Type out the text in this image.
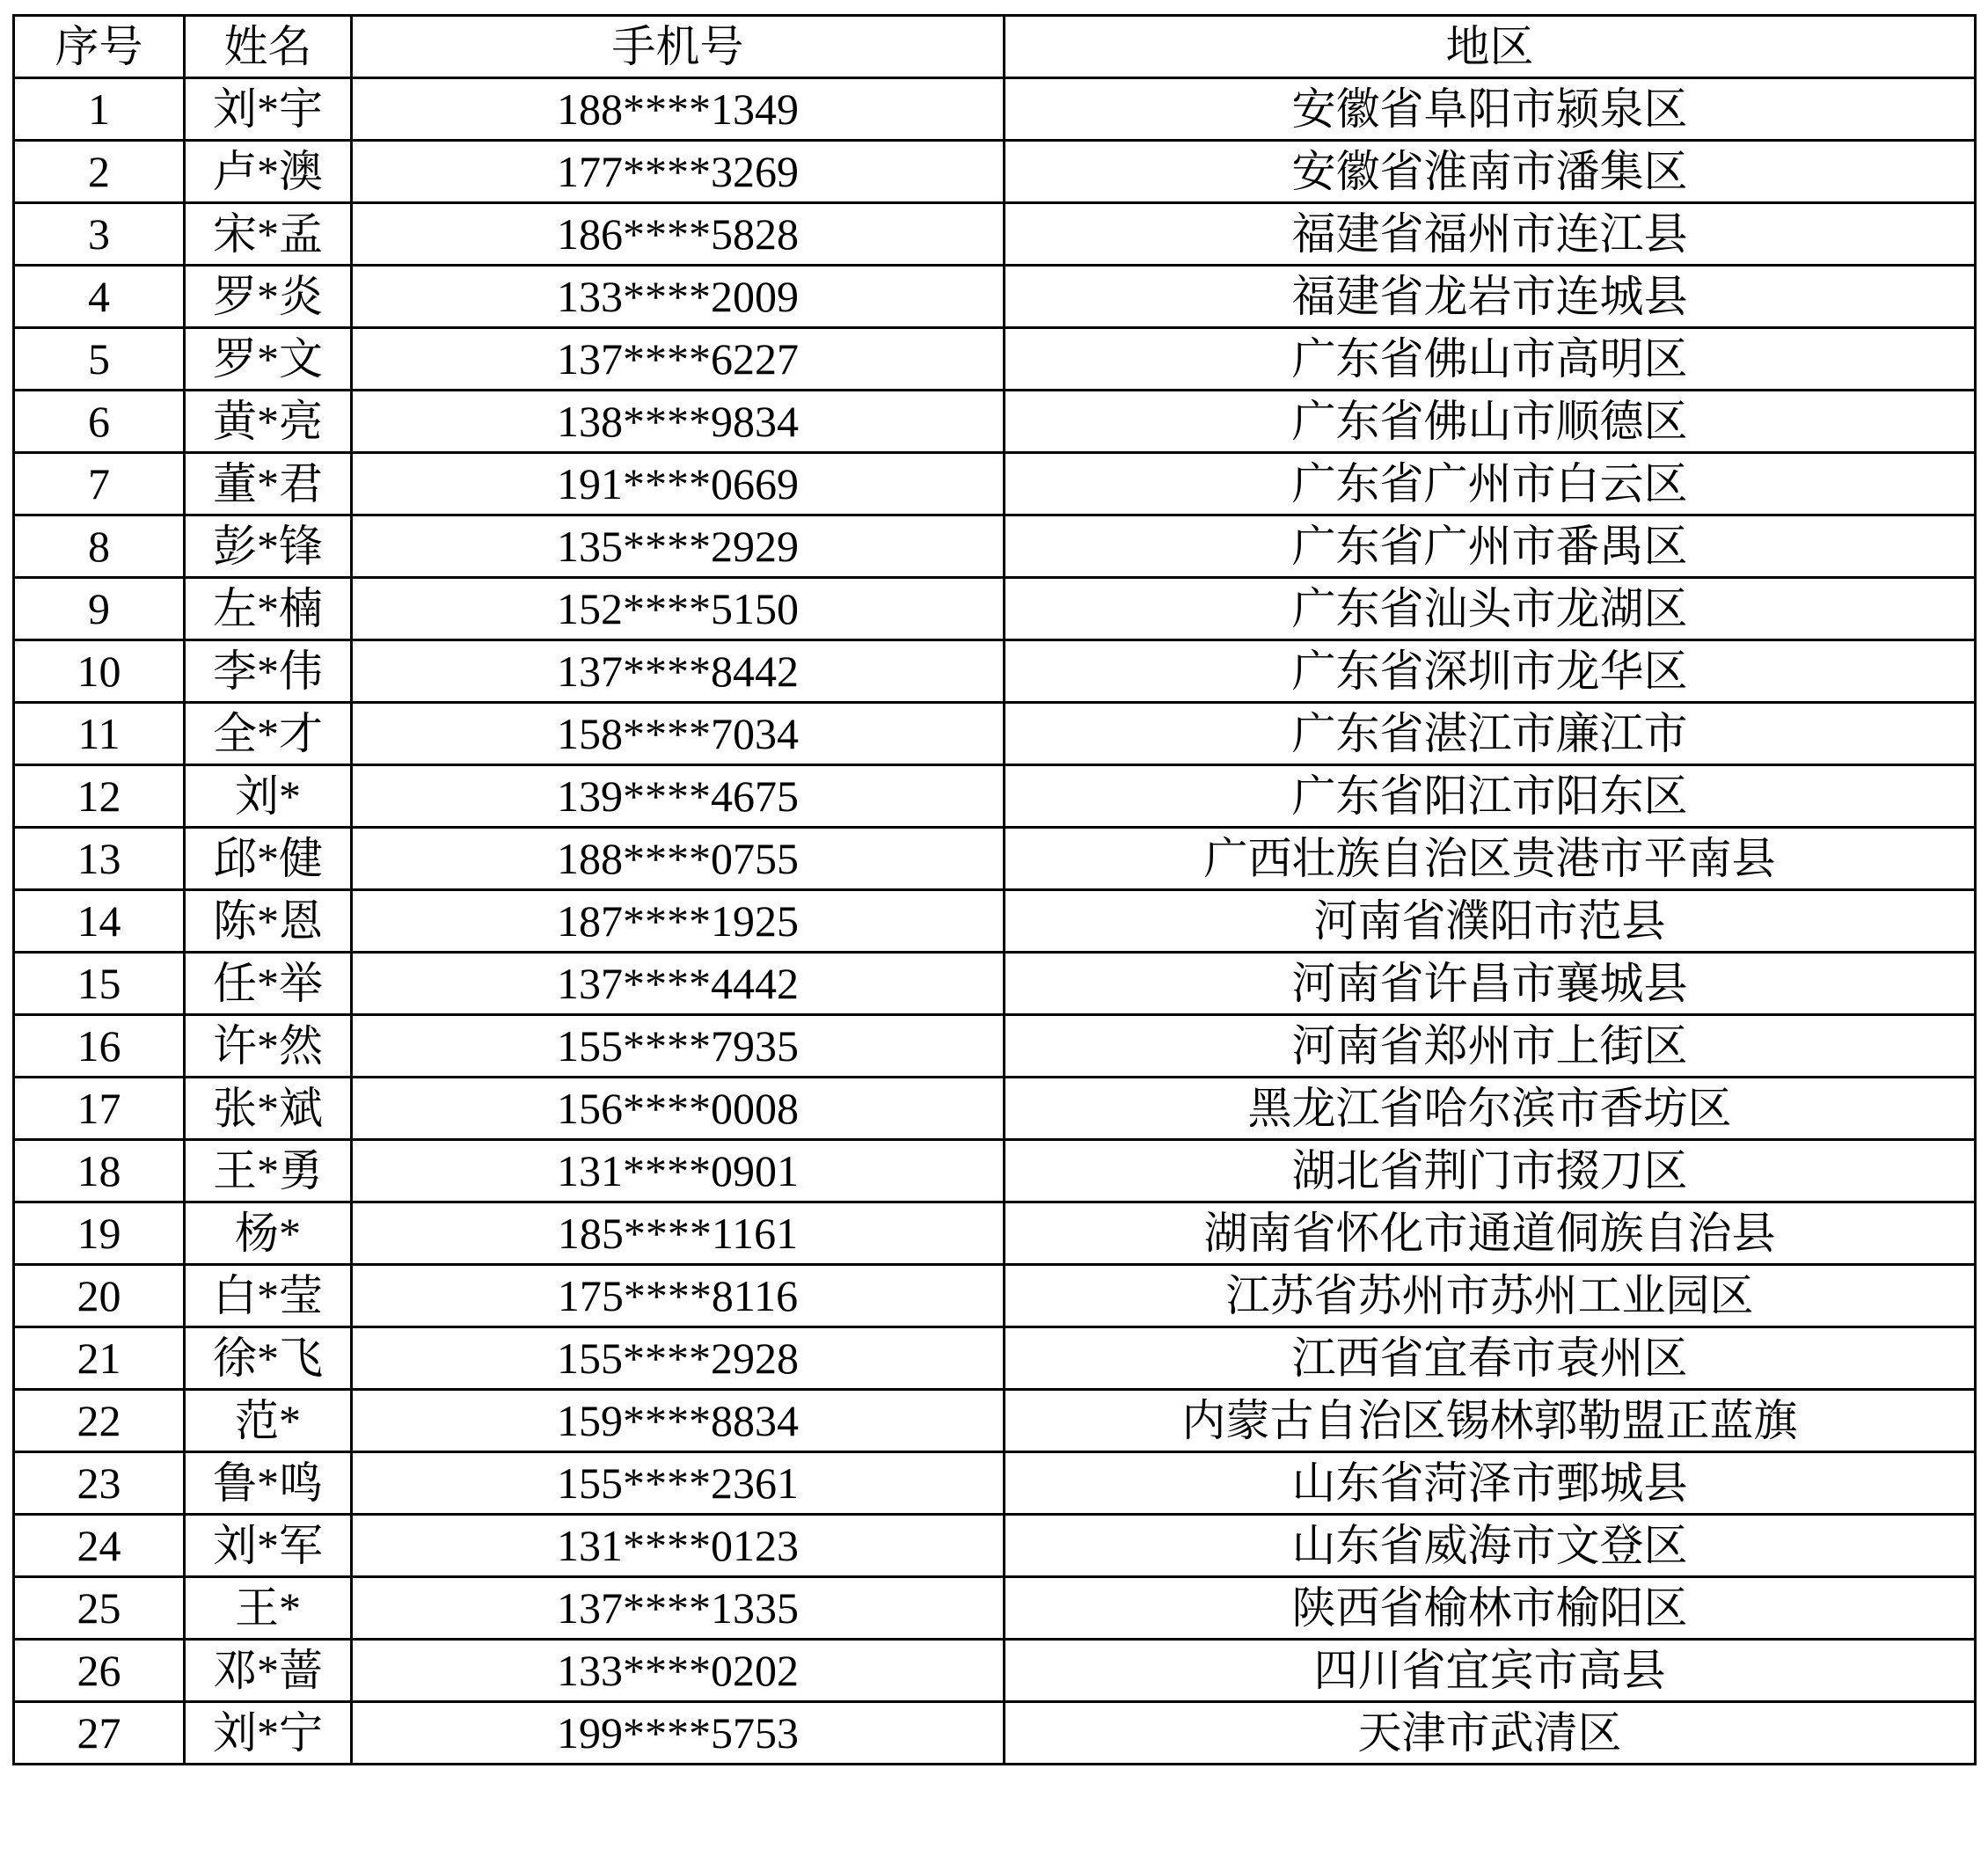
序号	姓名	手机号	地区
1	刘*宇	188****1349	安徽省阜阳市颍泉区
2	卢*澳	177****3269	安徽省淮南市潘集区
3	宋*孟	186****5828	福建省福州市连江县
4	罗*炎	133****2009	福建省龙岩市连城县
5	罗*文	137****6227	广东省佛山市高明区
6	黄*亮	138****9834	广东省佛山市顺德区
7	董*君	191****0669	广东省广州市白云区
8	彭*锋	135****2929	广东省广州市番禺区
9	左*楠	152****5150	广东省汕头市龙湖区
10	李*伟	137****8442	广东省深圳市龙华区
11	全*才	158****7034	广东省湛江市廉江市
12	刘*	139****4675	广东省阳江市阳东区
13	邱*健	188****0755	广西壮族自治区贵港市平南县
14	陈*恩	187****1925	河南省濮阳市范县
15	任*举	137****4442	河南省许昌市襄城县
16	许*然	155****7935	河南省郑州市上街区
17	张*斌	156****0008	黑龙江省哈尔滨市香坊区
18	王*勇	131****0901	湖北省荆门市掇刀区
19	杨*	185****1161	湖南省怀化市通道侗族自治县
20	白*莹	175****8116	江苏省苏州市苏州工业园区
21	徐*飞	155****2928	江西省宜春市袁州区
22	范*	159****8834	内蒙古自治区锡林郭勒盟正蓝旗
23	鲁*鸣	155****2361	山东省菏泽市鄄城县
24	刘*军	131****0123	山东省威海市文登区
25	王*	137****1335	陕西省榆林市榆阳区
26	邓*蔷	133****0202	四川省宜宾市高县
27	刘*宁	199****5753	天津市武清区
